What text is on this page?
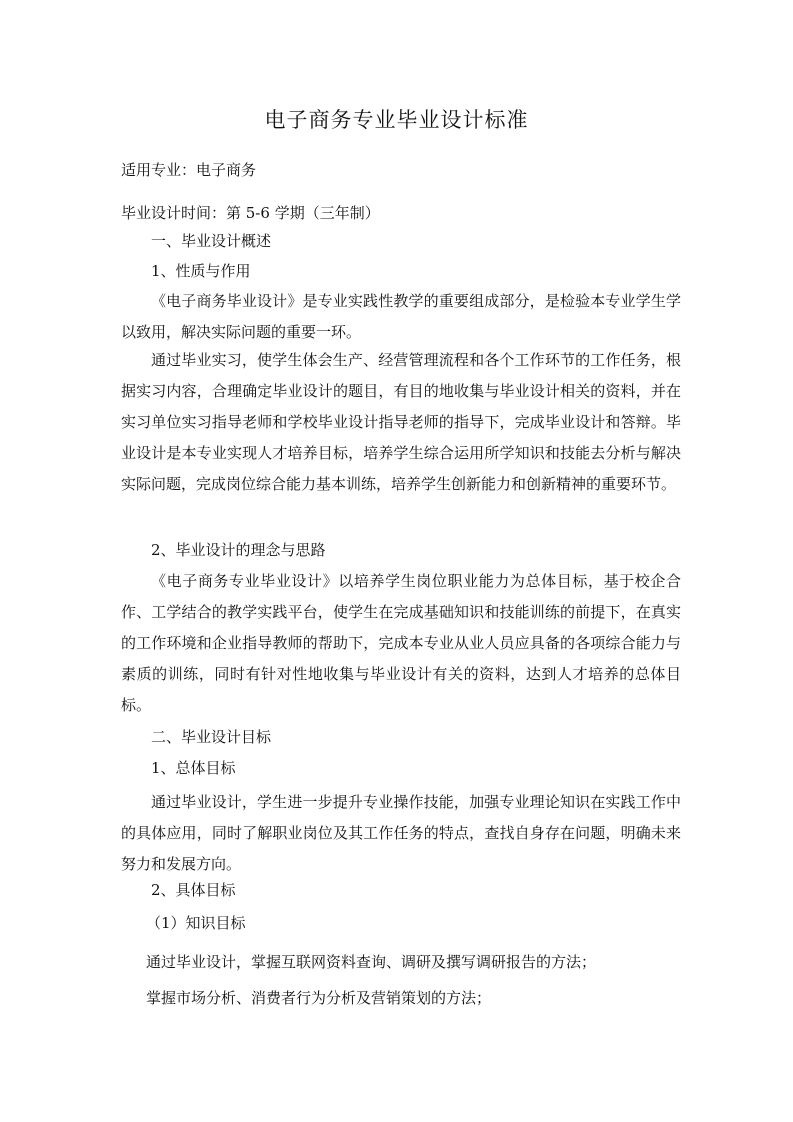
电子商务专业毕业设计标准
适用专业：电子商务
毕业设计时间：第 5-6 学期（三年制）
一、毕业设计概述
1、性质与作用
《电子商务毕业设计》是专业实践性教学的重要组成部分，是检验本专业学生学以致用，解决实际问题的重要一环。
通过毕业实习，使学生体会生产、经营管理流程和各个工作环节的工作任务，根据实习内容，合理确定毕业设计的题目，有目的地收集与毕业设计相关的资料，并在实习单位实习指导老师和学校毕业设计指导老师的指导下，完成毕业设计和答辩。毕业设计是本专业实现人才培养目标，培养学生综合运用所学知识和技能去分析与解决实际问题，完成岗位综合能力基本训练，培养学生创新能力和创新精神的重要环节。
2、毕业设计的理念与思路
《电子商务专业毕业设计》以培养学生岗位职业能力为总体目标，基于校企合作、工学结合的教学实践平台，使学生在完成基础知识和技能训练的前提下，在真实的工作环境和企业指导教师的帮助下，完成本专业从业人员应具备的各项综合能力与素质的训练，同时有针对性地收集与毕业设计有关的资料，达到人才培养的总体目标。
二、毕业设计目标
1、总体目标
通过毕业设计，学生进一步提升专业操作技能，加强专业理论知识在实践工作中的具体应用，同时了解职业岗位及其工作任务的特点，查找自身存在问题，明确未来努力和发展方向。
2、具体目标
（1）知识目标
通过毕业设计，掌握互联网资料查询、调研及撰写调研报告的方法；
掌握市场分析、消费者行为分析及营销策划的方法；
